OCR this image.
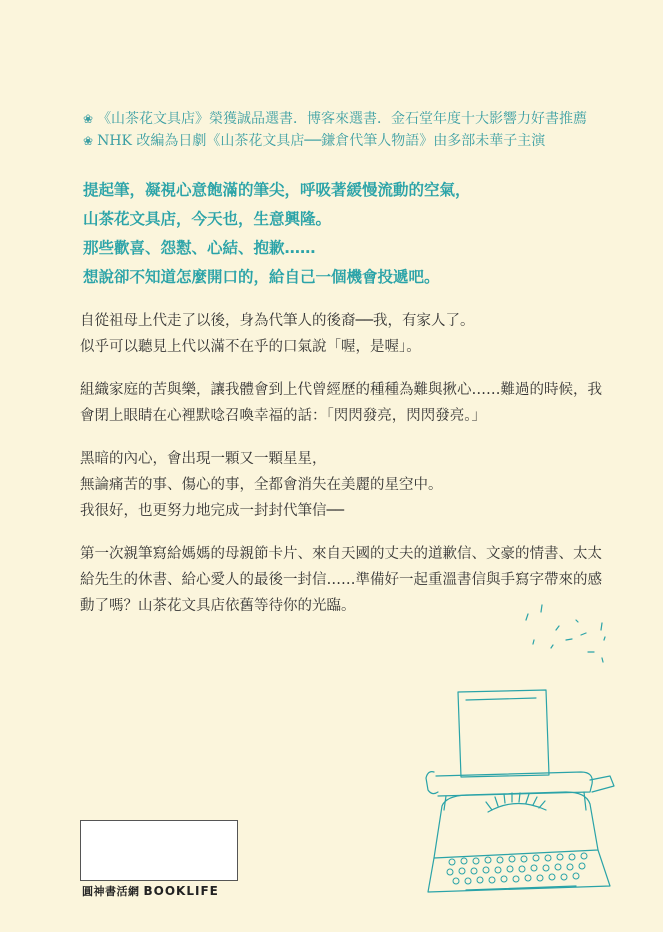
❀ 《山茶花文具店》榮獲誠品選書．博客來選書．金石堂年度十大影響力好書推薦
❀ NHK 改編為日劇《山茶花文具店──鎌倉代筆人物語》由多部未華子主演
提起筆，凝視心意飽滿的筆尖，呼吸著緩慢流動的空氣，
山茶花文具店，今天也，生意興隆。
那些歡喜、怨懟、心結、抱歉……
想說卻不知道怎麼開口的，給自己一個機會投遞吧。
自從祖母上代走了以後，身為代筆人的後裔──我，有家人了。
似乎可以聽見上代以滿不在乎的口氣說「喔，是喔」。
組織家庭的苦與樂，讓我體會到上代曾經歷的種種為難與揪心……難過的時候，我
會閉上眼睛在心裡默唸召喚幸福的話：「閃閃發亮，閃閃發亮。」
黑暗的內心，會出現一顆又一顆星星，
無論痛苦的事、傷心的事，全都會消失在美麗的星空中。
我很好，也更努力地完成一封封代筆信──
第一次親筆寫給媽媽的母親節卡片、來自天國的丈夫的道歉信、文豪的情書、太太
給先生的休書、給心愛人的最後一封信……準備好一起重溫書信與手寫字帶來的感
動了嗎？山茶花文具店依舊等待你的光臨。
圓神書活網 BOOKLIFE
